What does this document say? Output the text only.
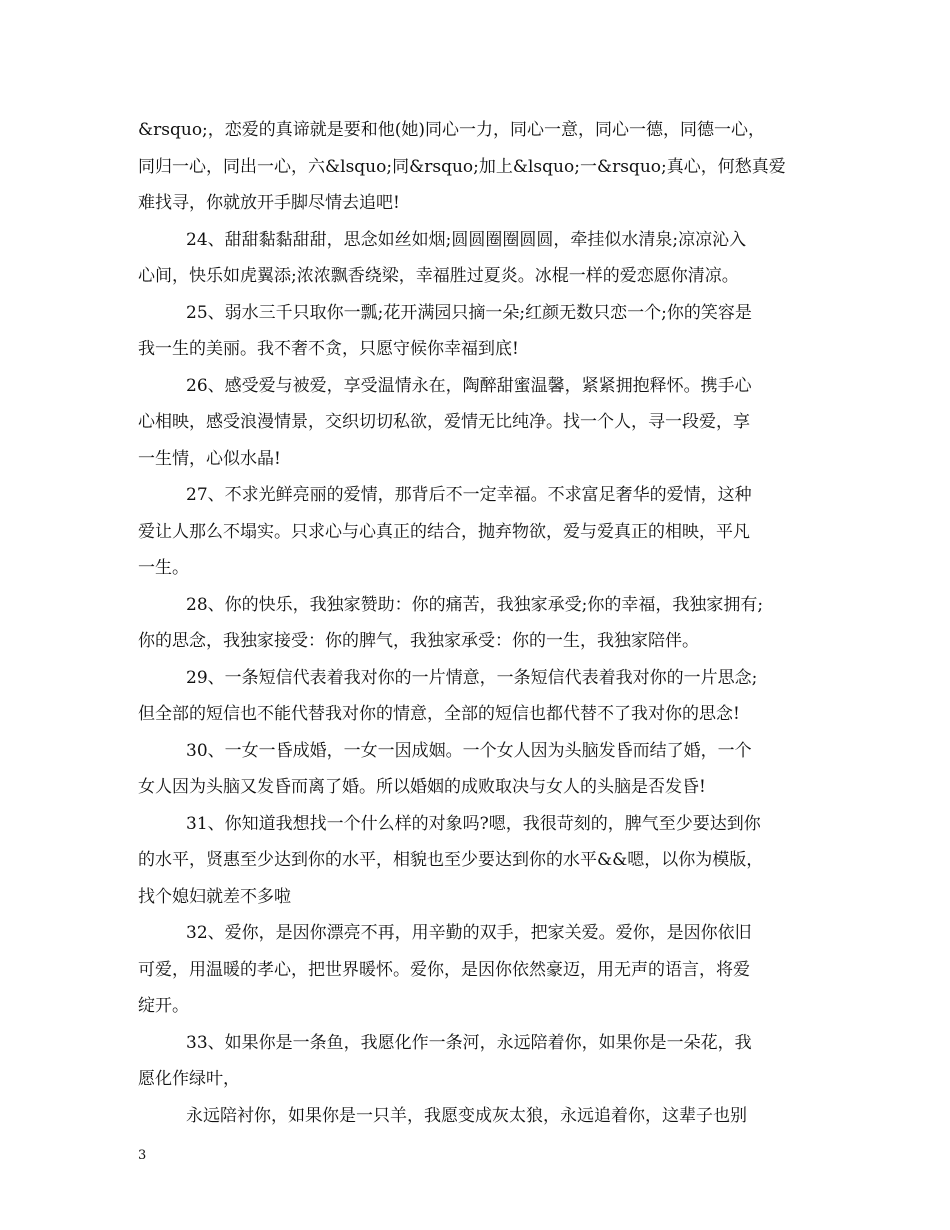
&rsquo;，恋爱的真谛就是要和他(她)同心一力，同心一意，同心一德，同德一心，
同归一心，同出一心，六&lsquo;同&rsquo;加上&lsquo;一&rsquo;真心，何愁真爱
难找寻，你就放开手脚尽情去追吧!
24、甜甜黏黏甜甜，思念如丝如烟;圆圆圈圈圆圆，牵挂似水清泉;凉凉沁入
心间，快乐如虎翼添;浓浓飘香绕梁，幸福胜过夏炎。冰棍一样的爱恋愿你清凉。
25、弱水三千只取你一瓢;花开满园只摘一朵;红颜无数只恋一个;你的笑容是
我一生的美丽。我不奢不贪，只愿守候你幸福到底!
26、感受爱与被爱，享受温情永在，陶醉甜蜜温馨，紧紧拥抱释怀。携手心
心相映，感受浪漫情景，交织切切私欲，爱情无比纯净。找一个人，寻一段爱，享
一生情，心似水晶!
27、不求光鲜亮丽的爱情，那背后不一定幸福。不求富足奢华的爱情，这种
爱让人那么不塌实。只求心与心真正的结合，抛弃物欲，爱与爱真正的相映，平凡
一生。
28、你的快乐，我独家赞助：你的痛苦，我独家承受;你的幸福，我独家拥有;
你的思念，我独家接受：你的脾气，我独家承受：你的一生，我独家陪伴。
29、一条短信代表着我对你的一片情意，一条短信代表着我对你的一片思念;
但全部的短信也不能代替我对你的情意，全部的短信也都代替不了我对你的思念!
30、一女一昏成婚，一女一因成姻。一个女人因为头脑发昏而结了婚，一个
女人因为头脑又发昏而离了婚。所以婚姻的成败取决与女人的头脑是否发昏!
31、你知道我想找一个什么样的对象吗?嗯，我很苛刻的，脾气至少要达到你
的水平，贤惠至少达到你的水平，相貌也至少要达到你的水平&&嗯，以你为模版，
找个媳妇就差不多啦
32、爱你，是因你漂亮不再，用辛勤的双手，把家关爱。爱你，是因你依旧
可爱，用温暖的孝心，把世界暖怀。爱你，是因你依然豪迈，用无声的语言，将爱
绽开。
33、如果你是一条鱼，我愿化作一条河，永远陪着你，如果你是一朵花，我
愿化作绿叶，
永远陪衬你，如果你是一只羊，我愿变成灰太狼，永远追着你，这辈子也别
3
